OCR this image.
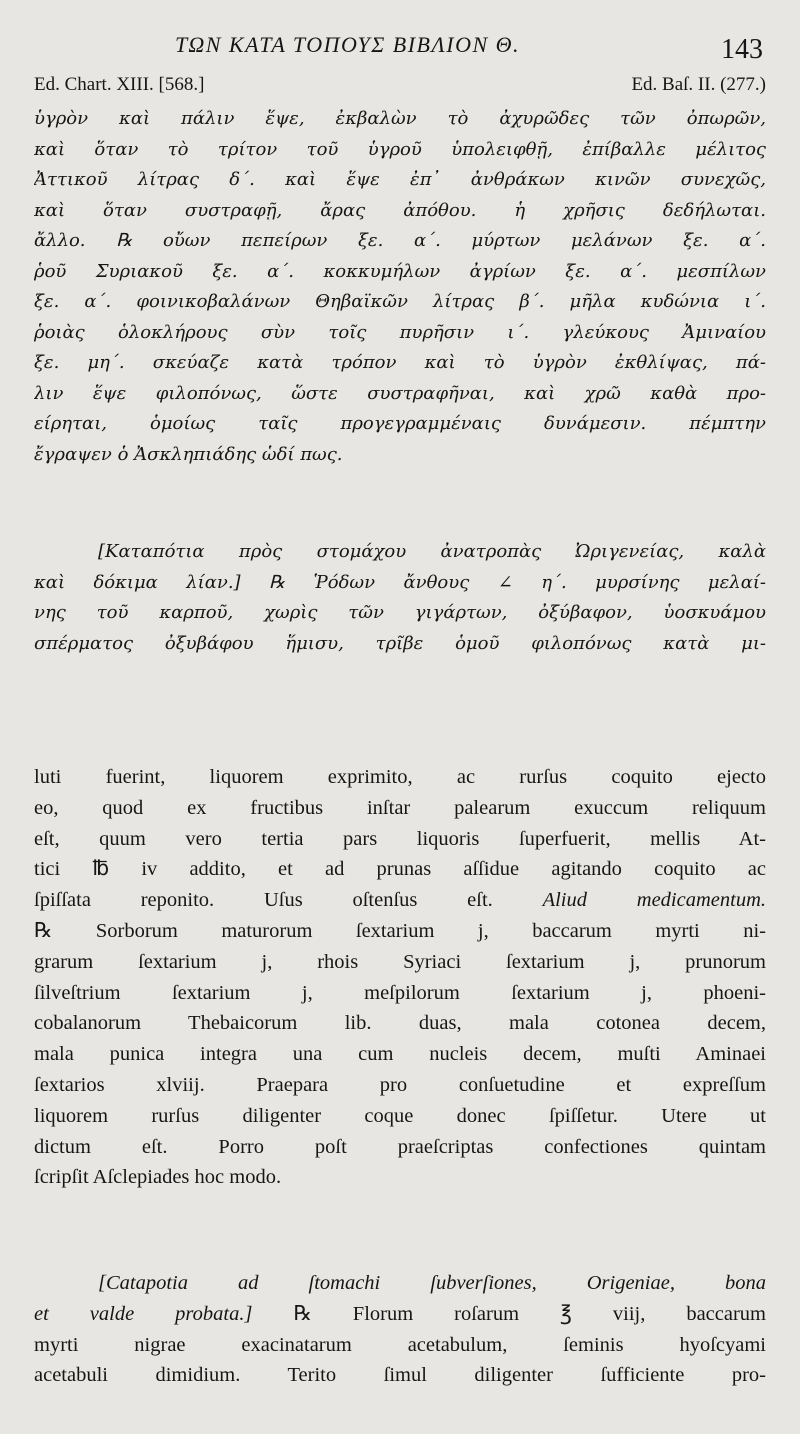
ΤΩΝ ΚΑΤΑ ΤΟΠΟΥΣ ΒΙΒΛΙΟΝ Θ.	143
Ed. Chart. XIII. [568.]	Ed. Baſ. II. (277.)
ὑγρὸν καὶ πάλιν ἕψε, ἐκβαλὼν τὸ ἀχυρῶδες τῶν ὀπωρῶν,
καὶ ὅταν τὸ τρίτον τοῦ ὑγροῦ ὑπολειφθῇ, ἐπίβαλλε μέλιτος
Ἀττικοῦ λίτρας δ΄. καὶ ἕψε ἐπ᾽ ἀνθράκων κινῶν συνεχῶς,
καὶ ὅταν συστραφῇ, ἄρας ἀπόθου. ἡ χρῆσις δεδήλωται.
ἄλλο. ℞ οὔων πεπείρων ξε. α΄. μύρτων μελάνων ξε. α΄.
ῥοῦ Συριακοῦ ξε. α΄. κοκκυμήλων ἀγρίων ξε. α΄. μεσπίλων
ξε. α΄. φοινικοβαλάνων Θηβαϊκῶν λίτρας β΄. μῆλα κυδώνια ι΄.
ῥοιὰς ὁλοκλήρους σὺν τοῖς πυρῆσιν ι΄. γλεύκους Ἀμιναίου
ξε. μη΄. σκεύαζε κατὰ τρόπον καὶ τὸ ὑγρὸν ἐκθλίψας, πά-
λιν ἕψε φιλοπόνως, ὥστε συστραφῆναι, καὶ χρῶ καθὰ προ-
είρηται, ὁμοίως ταῖς προγεγραμμέναις δυνάμεσιν. πέμπτην
ἔγραψεν ὁ Ἀσκληπιάδης ὡδί πως.
[Καταπότια πρὸς στομάχου ἀνατροπὰς Ὠριγενείας, καλὰ
καὶ δόκιμα λίαν.] ℞ Ῥόδων ἄνθους ∠ η΄. μυρσίνης μελαί-
νης τοῦ καρποῦ, χωρὶς τῶν γιγάρτων, ὀξύβαφον, ὑοσκυάμου
σπέρματος ὀξυβάφου ἥμισυ, τρῖβε ὁμοῦ φιλοπόνως κατὰ μι-
luti fuerint, liquorem exprimito, ac rurſus coquito ejecto
eo, quod ex fructibus inſtar palearum exuccum reliquum
eſt, quum vero tertia pars liquoris ſuperfuerit, mellis At-
tici ℔ iv addito, et ad prunas aſſidue agitando coquito ac
ſpiſſata reponito. Uſus oſtenſus eſt. Aliud medicamentum.
℞ Sorborum maturorum ſextarium j, baccarum myrti ni-
grarum ſextarium j, rhois Syriaci ſextarium j, prunorum
ſilveſtrium ſextarium j, meſpilorum ſextarium j, phoeni-
cobalanorum Thebaicorum lib. duas, mala cotonea decem,
mala punica integra una cum nucleis decem, muſti Aminaei
ſextarios xlviij. Praepara pro conſuetudine et expreſſum
liquorem rurſus diligenter coque donec ſpiſſetur. Utere ut
dictum eſt. Porro poſt praeſcriptas confectiones quintam
ſcripſit Aſclepiades hoc modo.
[Catapotia ad ſtomachi ſubverſiones, Origeniae, bona
et valde probata.] ℞ Florum roſarum ℥ viij, baccarum
myrti nigrae exacinatarum acetabulum, ſeminis hyoſcyami
acetabuli dimidium. Terito ſimul diligenter ſufficiente pro-
